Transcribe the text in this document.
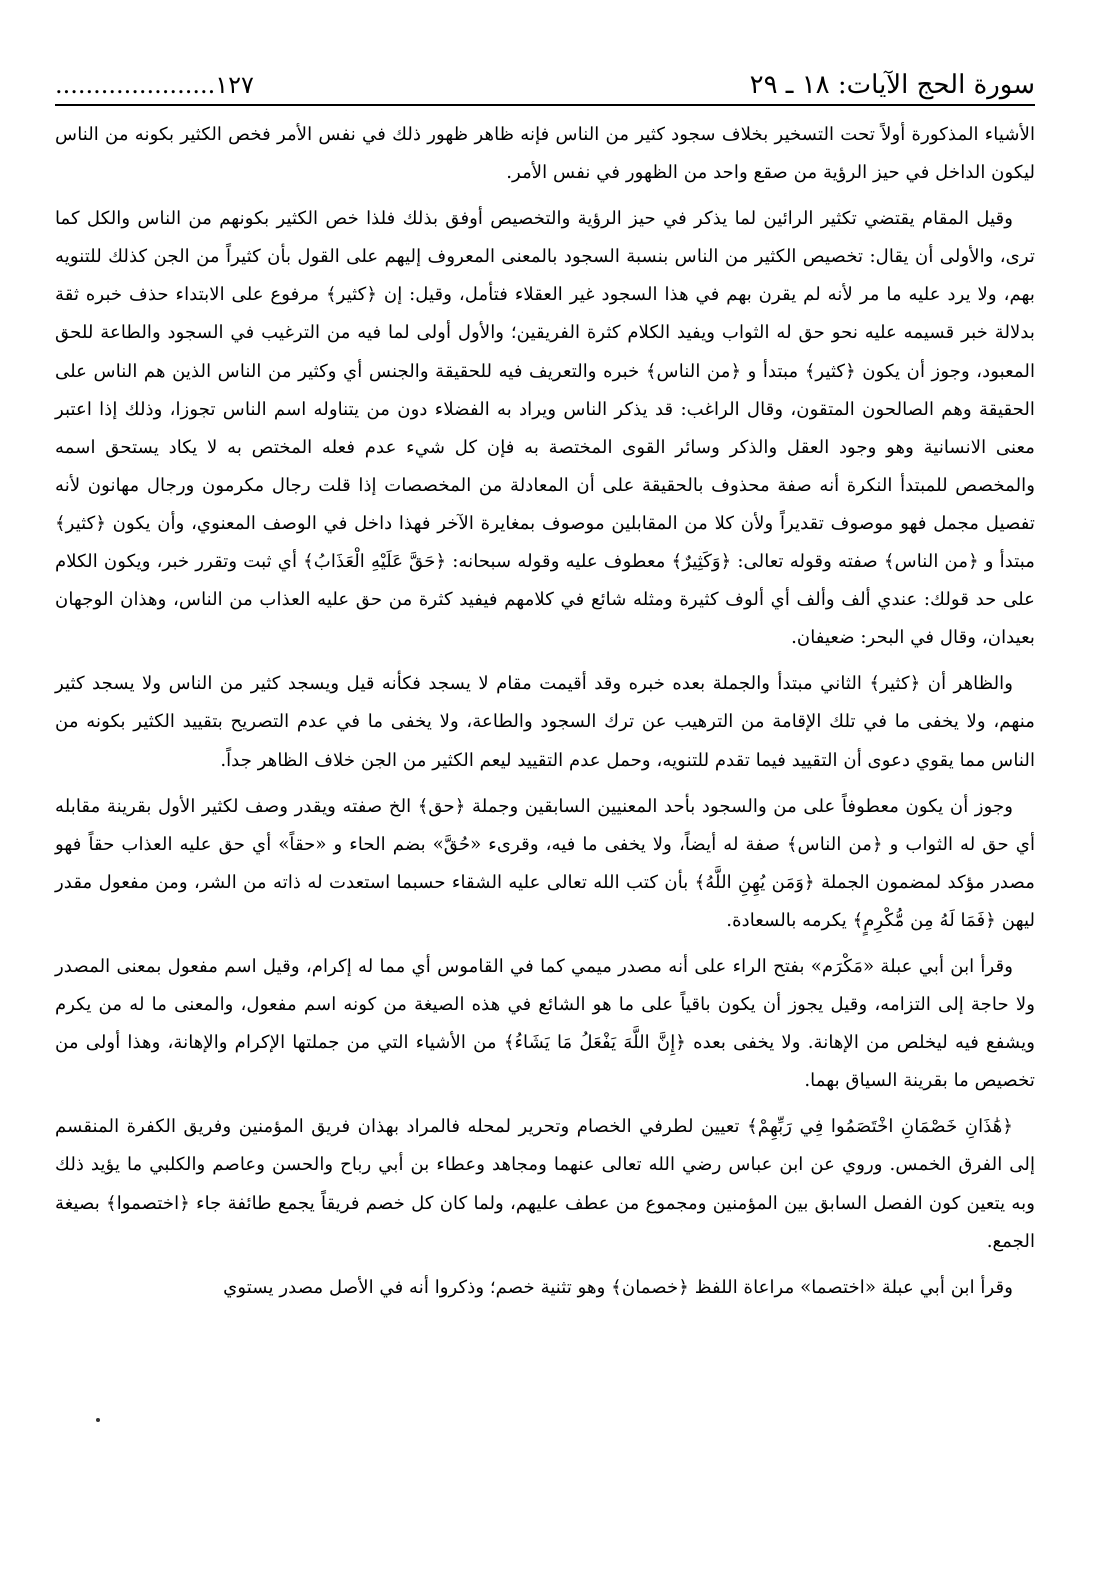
سورة الحج الآيات: ١٨ ـ ٢٩
١٢٧.....................

الأشياء المذكورة أولاً تحت التسخير بخلاف سجود كثير من الناس فإنه ظاهر ظهور ذلك في نفس الأمر فخص الكثير بكونه من الناس ليكون الداخل في حيز الرؤية من صقع واحد من الظهور في نفس الأمر.

وقيل المقام يقتضي تكثير الرائين لما يذكر في حيز الرؤية والتخصيص أوفق بذلك فلذا خص الكثير بكونهم من الناس والكل كما ترى، والأولى أن يقال: تخصيص الكثير من الناس بنسبة السجود بالمعنى المعروف إليهم على القول بأن كثيراً من الجن كذلك للتنويه بهم، ولا يرد عليه ما مر لأنه لم يقرن بهم في هذا السجود غير العقلاء فتأمل، وقيل: إن ﴿كثير﴾ مرفوع على الابتداء حذف خبره ثقة بدلالة خبر قسيمه عليه نحو حق له الثواب ويفيد الكلام كثرة الفريقين؛ والأول أولى لما فيه من الترغيب في السجود والطاعة للحق المعبود، وجوز أن يكون ﴿كثير﴾ مبتدأ و ﴿من الناس﴾ خبره والتعريف فيه للحقيقة والجنس أي وكثير من الناس الذين هم الناس على الحقيقة وهم الصالحون المتقون، وقال الراغب: قد يذكر الناس ويراد به الفضلاء دون من يتناوله اسم الناس تجوزا، وذلك إذا اعتبر معنى الانسانية وهو وجود العقل والذكر وسائر القوى المختصة به فإن كل شيء عدم فعله المختص به لا يكاد يستحق اسمه والمخصص للمبتدأ النكرة أنه صفة محذوف بالحقيقة على أن المعادلة من المخصصات إذا قلت رجال مكرمون ورجال مهانون لأنه تفصيل مجمل فهو موصوف تقديراً ولأن كلا من المقابلين موصوف بمغايرة الآخر فهذا داخل في الوصف المعنوي، وأن يكون ﴿كثير﴾ مبتدأ و ﴿من الناس﴾ صفته وقوله تعالى: ﴿وَكَثِيرٌ﴾ معطوف عليه وقوله سبحانه: ﴿حَقَّ عَلَيْهِ الْعَذَابُ﴾ أي ثبت وتقرر خبر، ويكون الكلام على حد قولك: عندي ألف وألف أي ألوف كثيرة ومثله شائع في كلامهم فيفيد كثرة من حق عليه العذاب من الناس، وهذان الوجهان بعيدان، وقال في البحر: ضعيفان.

والظاهر أن ﴿كثير﴾ الثاني مبتدأ والجملة بعده خبره وقد أقيمت مقام لا يسجد فكأنه قيل ويسجد كثير من الناس ولا يسجد كثير منهم، ولا يخفى ما في تلك الإقامة من الترهيب عن ترك السجود والطاعة، ولا يخفى ما في عدم التصريح بتقييد الكثير بكونه من الناس مما يقوي دعوى أن التقييد فيما تقدم للتنويه، وحمل عدم التقييد ليعم الكثير من الجن خلاف الظاهر جداً.

وجوز أن يكون معطوفاً على من والسجود بأحد المعنيين السابقين وجملة ﴿حق﴾ الخ صفته ويقدر وصف لكثير الأول بقرينة مقابله أي حق له الثواب و ﴿من الناس﴾ صفة له أيضاً، ولا يخفى ما فيه، وقرىء «حُقَّ» بضم الحاء و «حقاً» أي حق عليه العذاب حقاً فهو مصدر مؤكد لمضمون الجملة ﴿وَمَن يُهِنِ اللَّهُ﴾ بأن كتب الله تعالى عليه الشقاء حسبما استعدت له ذاته من الشر، ومن مفعول مقدر ليهن ﴿فَمَا لَهُ مِن مُّكْرِمٍ﴾ يكرمه بالسعادة.

وقرأ ابن أبي عبلة «مَكْرَم» بفتح الراء على أنه مصدر ميمي كما في القاموس أي مما له إكرام، وقيل اسم مفعول بمعنى المصدر ولا حاجة إلى التزامه، وقيل يجوز أن يكون باقياً على ما هو الشائع في هذه الصيغة من كونه اسم مفعول، والمعنى ما له من يكرم ويشفع فيه ليخلص من الإهانة. ولا يخفى بعده ﴿إِنَّ اللَّهَ يَفْعَلُ مَا يَشَاءُ﴾ من الأشياء التي من جملتها الإكرام والإهانة، وهذا أولى من تخصيص ما بقرينة السياق بهما.

﴿هَٰذَانِ خَصْمَانِ اخْتَصَمُوا فِي رَبِّهِمْ﴾ تعيين لطرفي الخصام وتحرير لمحله فالمراد بهذان فريق المؤمنين وفريق الكفرة المنقسم إلى الفرق الخمس. وروي عن ابن عباس رضي الله تعالى عنهما ومجاهد وعطاء بن أبي رباح والحسن وعاصم والكلبي ما يؤيد ذلك وبه يتعين كون الفصل السابق بين المؤمنين ومجموع من عطف عليهم، ولما كان كل خصم فريقاً يجمع طائفة جاء ﴿اختصموا﴾ بصيغة الجمع.

وقرأ ابن أبي عبلة «اختصما» مراعاة اللفظ ﴿خصمان﴾ وهو تثنية خصم؛ وذكروا أنه في الأصل مصدر يستوي
